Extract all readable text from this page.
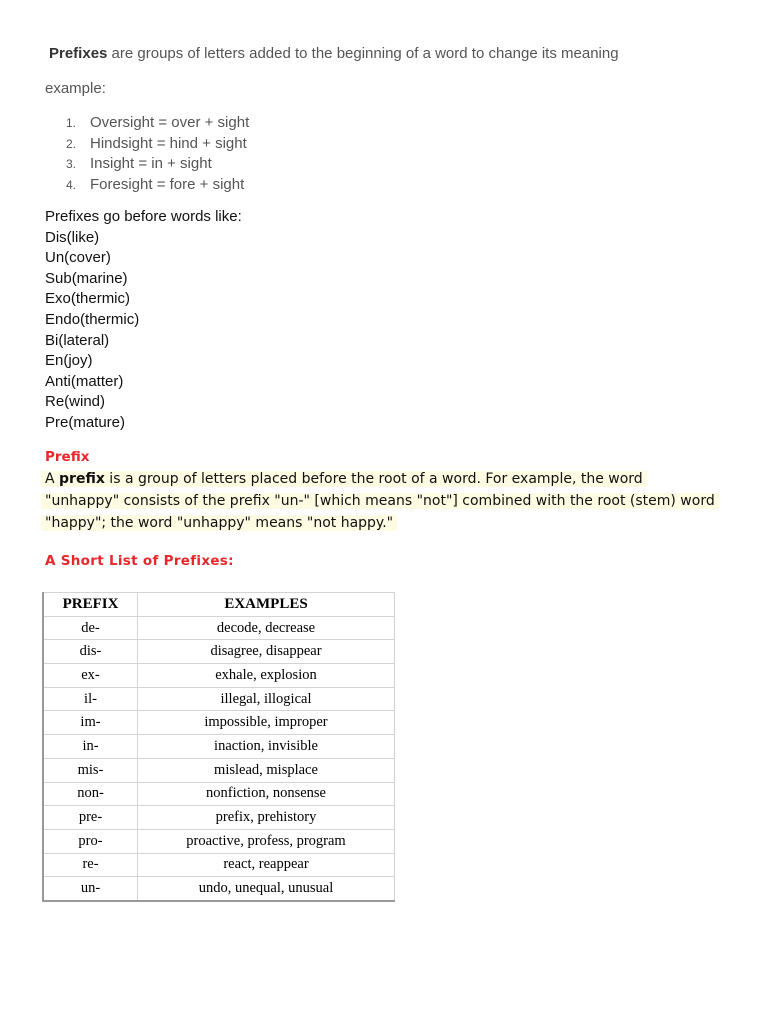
Prefixes are groups of letters added to the beginning of a word to change its meaning
example:
1. Oversight = over + sight
2. Hindsight = hind + sight
3. Insight = in + sight
4. Foresight = fore + sight
Prefixes go before words like:
Dis(like)
Un(cover)
Sub(marine)
Exo(thermic)
Endo(thermic)
Bi(lateral)
En(joy)
Anti(matter)
Re(wind)
Pre(mature)
Prefix
A prefix is a group of letters placed before the root of a word. For example, the word
"unhappy" consists of the prefix "un-" [which means "not"] combined with the root (stem) word
"happy"; the word "unhappy" means "not happy."
A Short List of Prefixes:
PREFIX	EXAMPLES
de-	decode, decrease
dis-	disagree, disappear
ex-	exhale, explosion
il-	illegal, illogical
im-	impossible, improper
in-	inaction, invisible
mis-	mislead, misplace
non-	nonfiction, nonsense
pre-	prefix, prehistory
pro-	proactive, profess, program
re-	react, reappear
un-	undo, unequal, unusual
